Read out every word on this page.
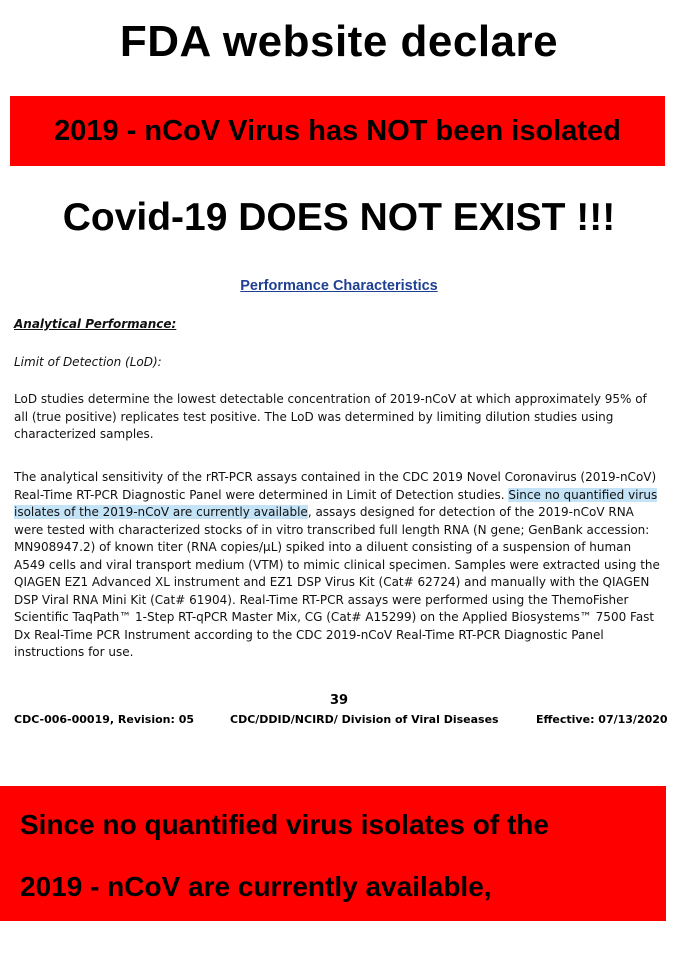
FDA website declare
2019 - nCoV Virus has NOT been isolated
Covid-19 DOES NOT EXIST !!!
Performance Characteristics
Analytical Performance:
Limit of Detection (LoD):
LoD studies determine the lowest detectable concentration of 2019-nCoV at which approximately 95% of all (true positive) replicates test positive. The LoD was determined by limiting dilution studies using characterized samples.
The analytical sensitivity of the rRT-PCR assays contained in the CDC 2019 Novel Coronavirus (2019-nCoV) Real-Time RT-PCR Diagnostic Panel were determined in Limit of Detection studies. Since no quantified virus isolates of the 2019-nCoV are currently available, assays designed for detection of the 2019-nCoV RNA were tested with characterized stocks of in vitro transcribed full length RNA (N gene; GenBank accession: MN908947.2) of known titer (RNA copies/µL) spiked into a diluent consisting of a suspension of human A549 cells and viral transport medium (VTM) to mimic clinical specimen. Samples were extracted using the QIAGEN EZ1 Advanced XL instrument and EZ1 DSP Virus Kit (Cat# 62724) and manually with the QIAGEN DSP Viral RNA Mini Kit (Cat# 61904). Real-Time RT-PCR assays were performed using the ThemoFisher Scientific TaqPath™ 1-Step RT-qPCR Master Mix, CG (Cat# A15299) on the Applied Biosystems™ 7500 Fast Dx Real-Time PCR Instrument according to the CDC 2019-nCoV Real-Time RT-PCR Diagnostic Panel instructions for use.
39
CDC-006-00019, Revision: 05	CDC/DDID/NCIRD/ Division of Viral Diseases	Effective: 07/13/2020
Since no quantified virus isolates of the
2019 - nCoV are currently available,
